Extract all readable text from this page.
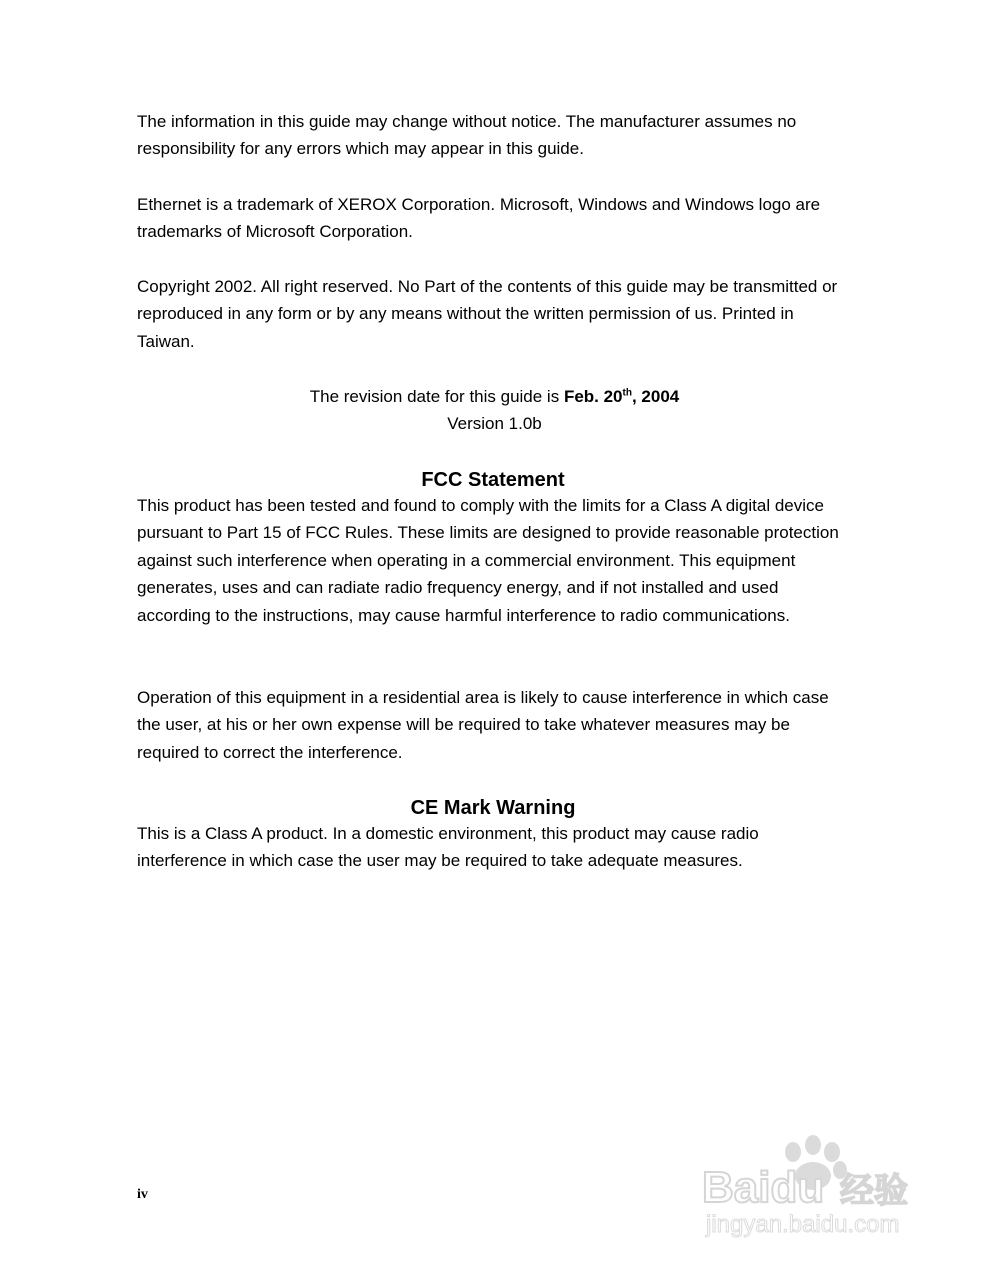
The information in this guide may change without notice. The manufacturer assumes no responsibility for any errors which may appear in this guide.

Ethernet is a trademark of XEROX Corporation. Microsoft, Windows and Windows logo are trademarks of Microsoft Corporation.

Copyright 2002. All right reserved. No Part of the contents of this guide may be transmitted or reproduced in any form or by any means without the written permission of us. Printed in Taiwan.

The revision date for this guide is Feb. 20th, 2004

Version 1.0b

FCC Statement

This product has been tested and found to comply with the limits for a Class A digital device pursuant to Part 15 of FCC Rules. These limits are designed to provide reasonable protection against such interference when operating in a commercial environment. This equipment generates, uses and can radiate radio frequency energy, and if not installed and used according to the instructions, may cause harmful interference to radio communications.

Operation of this equipment in a residential area is likely to cause interference in which case the user, at his or her own expense will be required to take whatever measures may be required to correct the interference.

CE Mark Warning

This is a Class A product. In a domestic environment, this product may cause radio interference in which case the user may be required to take adequate measures.

iv	Baidu 经验
jingyan.baidu.com
